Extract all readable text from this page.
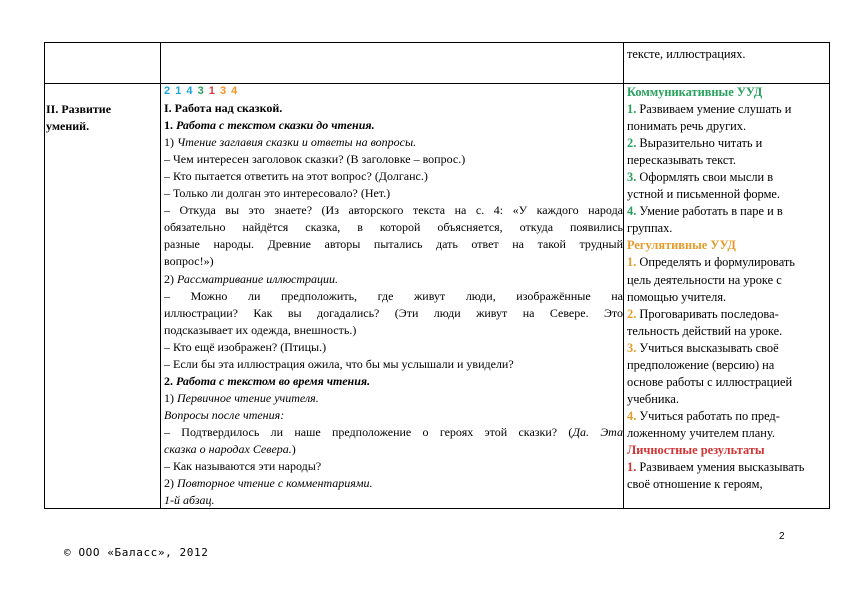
тексте, иллюстрациях.
II. Развитие
умений.
2 1 4 3 1 3 4
I. Работа над сказкой.
1. Работа с текстом сказки до чтения.
1) Чтение заглавия сказки и ответы на вопросы.
– Чем интересен заголовок сказки? (В заголовке – вопрос.)
– Кто пытается ответить на этот вопрос? (Долганс.)
– Только ли долган это интересовало? (Нет.)
– Откуда вы это знаете? (Из авторского текста на с. 4: «У каждого народа
обязательно найдётся сказка, в которой объясняется, откуда появились
разные народы. Древние авторы пытались дать ответ на такой трудный
вопрос!»)
2) Рассматривание иллюстрации.
– Можно ли предположить, где живут люди, изображённые на
иллюстрации? Как вы догадались? (Эти люди живут на Севере. Это
подсказывает их одежда, внешность.)
– Кто ещё изображен? (Птицы.)
– Если бы эта иллюстрация ожила, что бы мы услышали и увидели?
2. Работа с текстом во время чтения.
1) Первичное чтение учителя.
Вопросы после чтения:
– Подтвердилось ли наше предположение о героях этой сказки? (Да. Эта
сказка о народах Севера.)
– Как называются эти народы?
2) Повторное чтение с комментариями.
1-й абзац.
Коммуникативные УУД
1. Развиваем умение слушать и
понимать речь других.
2. Выразительно читать и
пересказывать текст.
3. Оформлять свои мысли в
устной и письменной форме.
4. Умение работать в паре и в
группах.
Регулятивные УУД
1. Определять и формулировать
цель деятельности на уроке с
помощью учителя.
2. Проговаривать последова-
тельность действий на уроке.
3. Учиться высказывать своё
предположение (версию) на
основе работы с иллюстрацией
учебника.
4. Учиться работать по пред-
ложенному учителем плану.
Личностные результаты
1. Развиваем умения высказывать
своё отношение к героям,
2
© ООО «Баласс», 2012
